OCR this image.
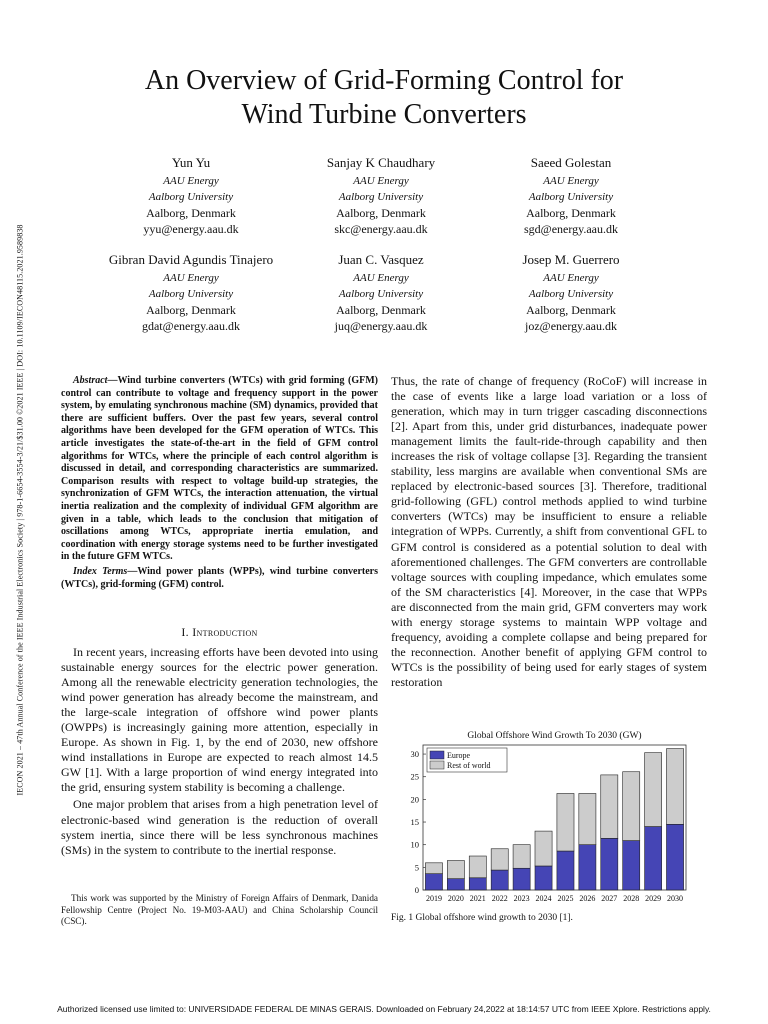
IECON 2021 – 47th Annual Conference of the IEEE Industrial Electronics Society | 978-1-6654-3554-3/21/$31.00 ©2021 IEEE | DOI: 10.1109/IECON48115.2021.9589838
An Overview of Grid-Forming Control for
Wind Turbine Converters
Yun Yu
AAU Energy
Aalborg University
Aalborg, Denmark
yyu@energy.aau.dk
Sanjay K Chaudhary
AAU Energy
Aalborg University
Aalborg, Denmark
skc@energy.aau.dk
Saeed Golestan
AAU Energy
Aalborg University
Aalborg, Denmark
sgd@energy.aau.dk
Gibran David Agundis Tinajero
AAU Energy
Aalborg University
Aalborg, Denmark
gdat@energy.aau.dk
Juan C. Vasquez
AAU Energy
Aalborg University
Aalborg, Denmark
juq@energy.aau.dk
Josep M. Guerrero
AAU Energy
Aalborg University
Aalborg, Denmark
joz@energy.aau.dk
Abstract—Wind turbine converters (WTCs) with grid forming (GFM) control can contribute to voltage and frequency support in the power system, by emulating synchronous machine (SM) dynamics, provided that there are sufficient buffers. Over the past few years, several control algorithms have been developed for the GFM operation of WTCs. This article investigates the state-of-the-art in the field of GFM control algorithms for WTCs, where the principle of each control algorithm is discussed in detail, and corresponding characteristics are summarized. Comparison results with respect to voltage build-up strategies, the synchronization of GFM WTCs, the interaction attenuation, the virtual inertia realization and the complexity of individual GFM algorithm are given in a table, which leads to the conclusion that mitigation of oscillations among WTCs, appropriate inertia emulation, and coordination with energy storage systems need to be further investigated in the future GFM WTCs.
Index Terms—Wind power plants (WPPs), wind turbine converters (WTCs), grid-forming (GFM) control.
I. Introduction

In recent years, increasing efforts have been devoted into using sustainable energy sources for the electric power generation. Among all the renewable electricity generation technologies, the wind power generation has already become the mainstream, and the large-scale integration of offshore wind power plants (OWPPs) is increasingly gaining more attention, especially in Europe. As shown in Fig. 1, by the end of 2030, new offshore wind installations in Europe are expected to reach almost 14.5 GW [1]. With a large proportion of wind energy integrated into the grid, ensuring system stability is becoming a challenge.

One major problem that arises from a high penetration level of electronic-based wind generation is the reduction of overall system inertia, since there will be less synchronous machines (SMs) in the system to contribute to the inertial response.

This work was supported by the Ministry of Foreign Affairs of Denmark, Danida Fellowship Centre (Project No. 19-M03-AAU) and China Scholarship Council (CSC).
Thus, the rate of change of frequency (RoCoF) will increase in the case of events like a large load variation or a loss of generation, which may in turn trigger cascading disconnections [2]. Apart from this, under grid disturbances, inadequate power management limits the fault-ride-through capability and then increases the risk of voltage collapse [3]. Regarding the transient stability, less margins are available when conventional SMs are replaced by electronic-based sources [3]. Therefore, traditional grid-following (GFL) control methods applied to wind turbine converters (WTCs) may be insufficient to ensure a reliable integration of WPPs. Currently, a shift from conventional GFL to GFM control is considered as a potential solution to deal with aforementioned challenges. The GFM converters are controllable voltage sources with coupling impedance, which emulates some of the SM characteristics [4]. Moreover, in the case that WPPs are disconnected from the main grid, GFM converters may work with energy storage systems to maintain WPP voltage and frequency, avoiding a complete collapse and being prepared for the reconnection. Another benefit of applying GFM control to WTCs is the possibility of being used for early stages of system restoration
Global Offshore Wind Growth To 2030 (GW)
0
5
10
15
20
25
30
2019 2020 2021 2022 2023 2024 2025 2026 2027 2028 2029 2030
Europe
Rest of world
Fig. 1 Global offshore wind growth to 2030 [1].
Authorized licensed use limited to: UNIVERSIDADE FEDERAL DE MINAS GERAIS. Downloaded on February 24,2022 at 18:14:57 UTC from IEEE Xplore. Restrictions apply.
